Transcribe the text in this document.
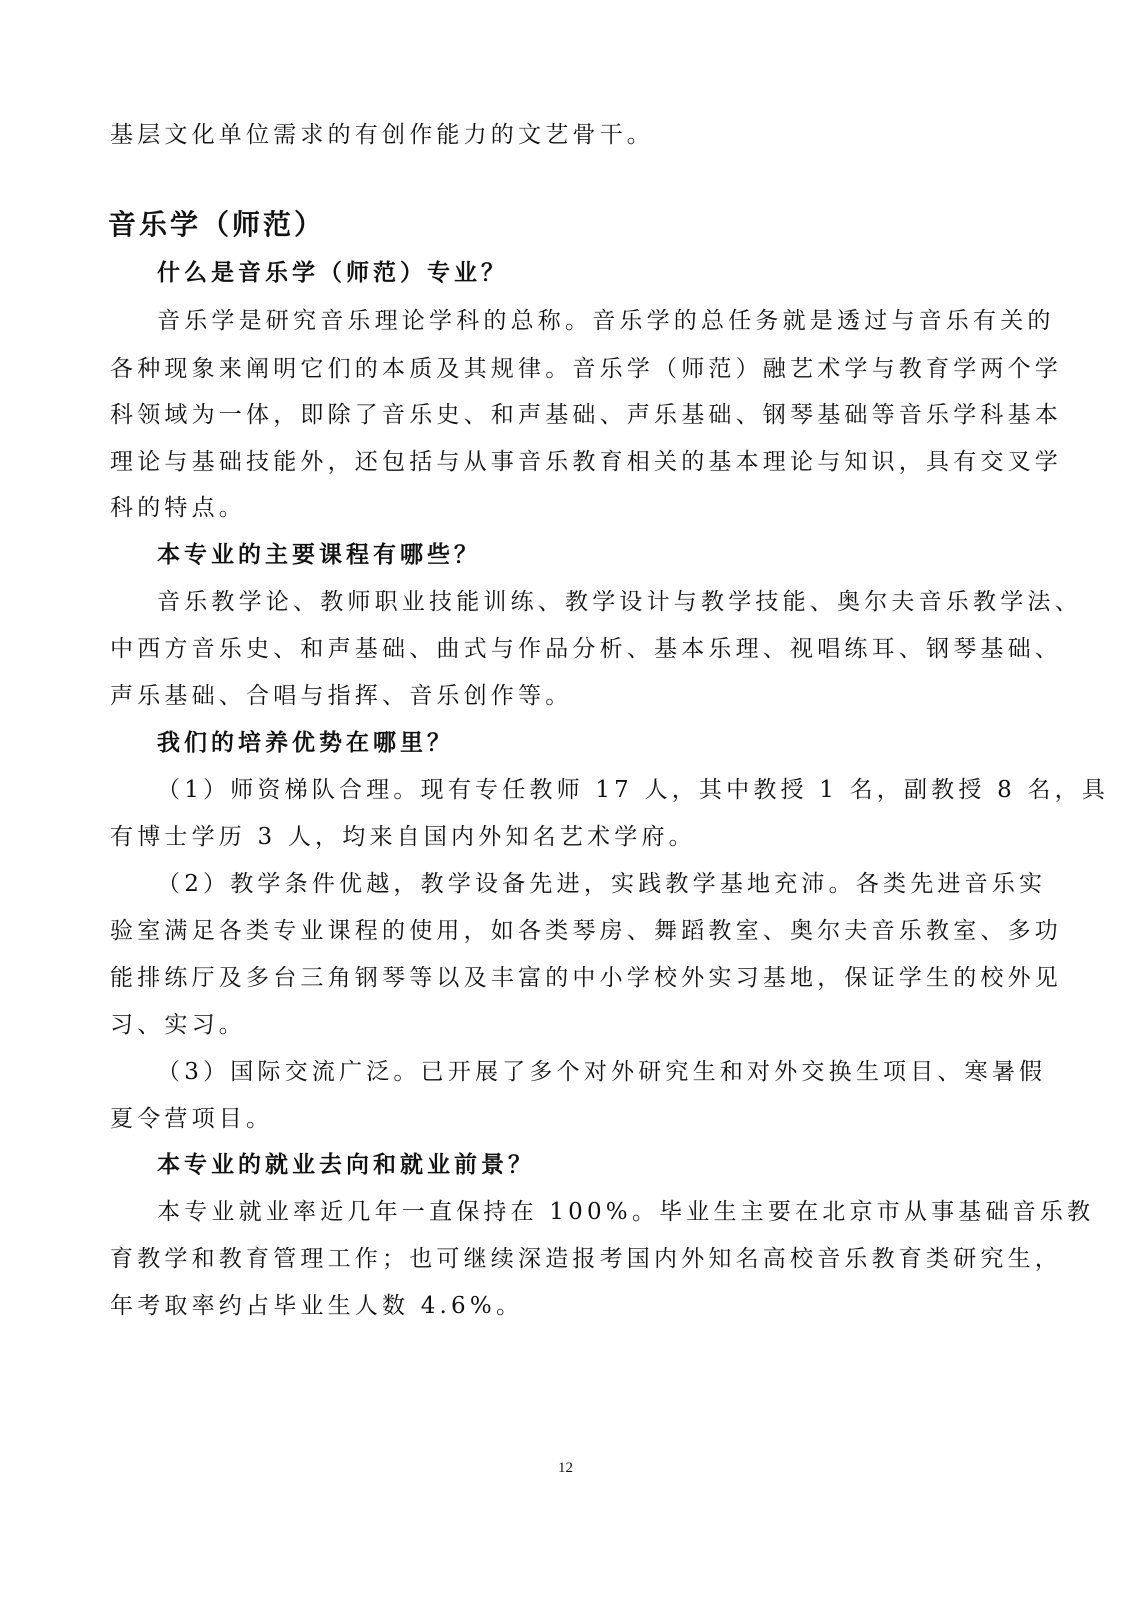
基层文化单位需求的有创作能力的文艺骨干。
音乐学（师范）
什么是音乐学（师范）专业？
音乐学是研究音乐理论学科的总称。音乐学的总任务就是透过与音乐有关的
各种现象来阐明它们的本质及其规律。音乐学（师范）融艺术学与教育学两个学
科领域为一体，即除了音乐史、和声基础、声乐基础、钢琴基础等音乐学科基本
理论与基础技能外，还包括与从事音乐教育相关的基本理论与知识，具有交叉学
科的特点。
本专业的主要课程有哪些？
音乐教学论、教师职业技能训练、教学设计与教学技能、奥尔夫音乐教学法、
中西方音乐史、和声基础、曲式与作品分析、基本乐理、视唱练耳、钢琴基础、
声乐基础、合唱与指挥、音乐创作等。
我们的培养优势在哪里？
（1）师资梯队合理。现有专任教师 17 人，其中教授 1 名，副教授 8 名，具
有博士学历 3 人，均来自国内外知名艺术学府。
（2）教学条件优越，教学设备先进，实践教学基地充沛。各类先进音乐实
验室满足各类专业课程的使用，如各类琴房、舞蹈教室、奥尔夫音乐教室、多功
能排练厅及多台三角钢琴等以及丰富的中小学校外实习基地，保证学生的校外见
习、实习。
（3）国际交流广泛。已开展了多个对外研究生和对外交换生项目、寒暑假
夏令营项目。
本专业的就业去向和就业前景？
本专业就业率近几年一直保持在 100%。毕业生主要在北京市从事基础音乐教
育教学和教育管理工作；也可继续深造报考国内外知名高校音乐教育类研究生，
年考取率约占毕业生人数 4.6%。
12
